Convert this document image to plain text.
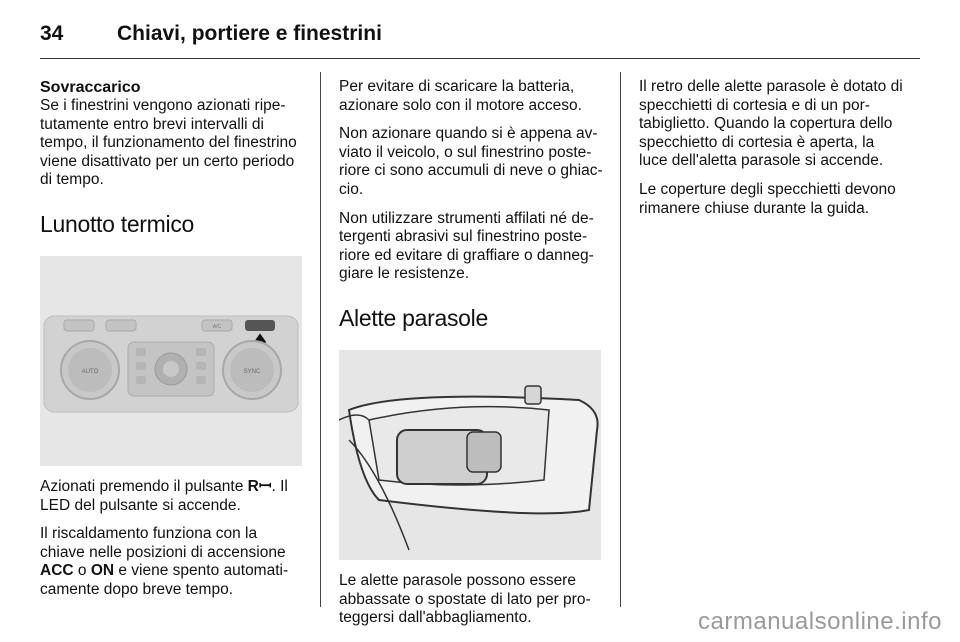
34	Chiavi, portiere e finestrini
Sovraccarico

Se i finestrini vengono azionati ripetutamente entro brevi intervalli di tempo, il funzionamento del finestrino viene disattivato per un certo periodo di tempo.

Lunotto termico
AUTO	SYNC
A/C

Azionati premendo il pulsante Rꟷ. Il LED del pulsante si accende.

Il riscaldamento funziona con la chiave nelle posizioni di accensione ACC o ON e viene spento automaticamente dopo breve tempo.

Per evitare di scaricare la batteria, azionare solo con il motore acceso.

Non azionare quando si è appena avviato il veicolo, o sul finestrino posteriore ci sono accumuli di neve o ghiaccio.

Non utilizzare strumenti affilati né detergenti abrasivi sul finestrino posteriore ed evitare di graffiare o danneggiare le resistenze.

Alette parasole

Le alette parasole possono essere abbassate o spostate di lato per proteggersi dall'abbagliamento.

Il retro delle alette parasole è dotato di specchietti di cortesia e di un portabiglietto. Quando la copertura dello specchietto di cortesia è aperta, la luce dell'aletta parasole si accende.

Le coperture degli specchietti devono rimanere chiuse durante la guida.

carmanualsonline.info
